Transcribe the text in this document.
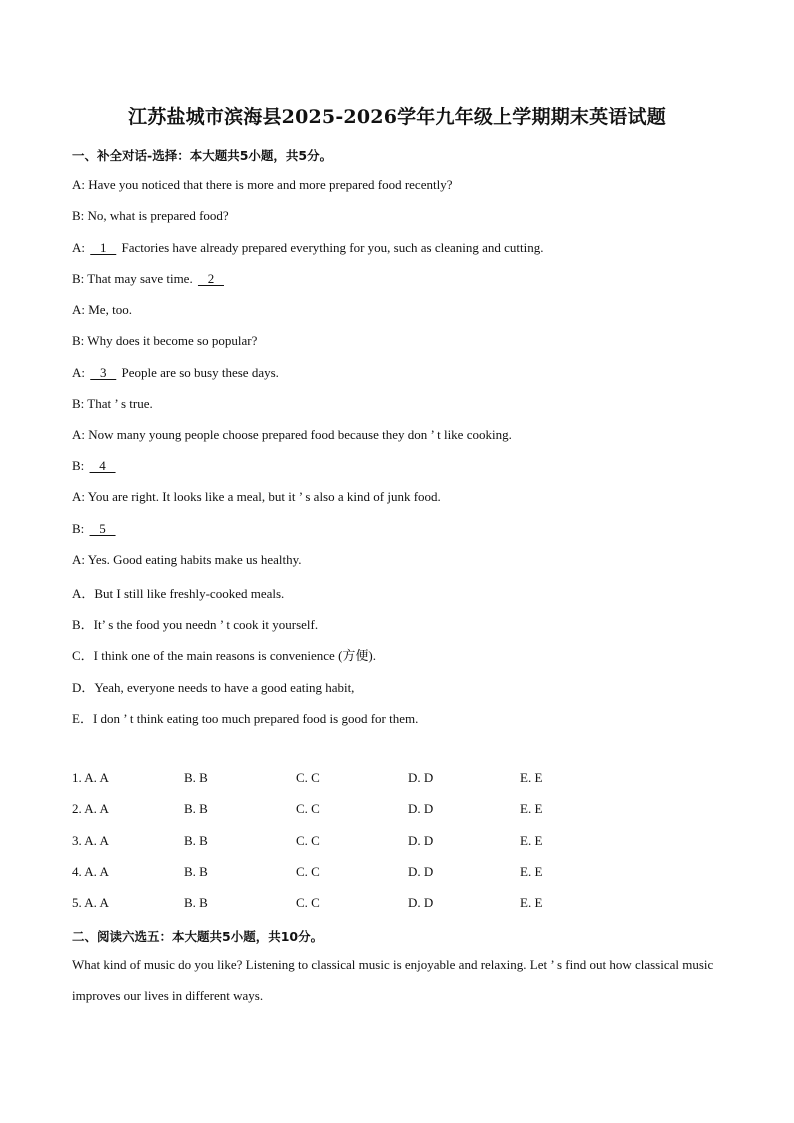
江苏盐城市滨海县2025-2026学年九年级上学期期末英语试题
一、补全对话-选择：本大题共5小题，共5分。
A: Have you noticed that there is more and more prepared food recently?
B: No, what is prepared food?
A:    1    Factories have already prepared everything for you, such as cleaning and cutting.
B: That may save time.    2
A: Me, too.
B: Why does it become so popular?
A:    3    People are so busy these days.
B: That ’ s true.
A: Now many young people choose prepared food because they don ’ t like cooking.
B:    4
A: You are right. It looks like a meal, but it ’ s also a kind of junk food.
B:    5
A: Yes. Good eating habits make us healthy.
A．But I still like freshly-cooked meals.
B．It’ s the food you needn ’ t cook it yourself.
C．I think one of the main reasons is convenience (方便).
D．Yeah, everyone needs to have a good eating habit,
E．I don ’ t think eating too much prepared food is good for them.
1. A. A	B. B	C. C	D. D	E. E
2. A. A	B. B	C. C	D. D	E. E
3. A. A	B. B	C. C	D. D	E. E
4. A. A	B. B	C. C	D. D	E. E
5. A. A	B. B	C. C	D. D	E. E
二、阅读六选五：本大题共5小题，共10分。
What kind of music do you like? Listening to classical music is enjoyable and relaxing. Let ’ s find out how classical music improves our lives in different ways.
